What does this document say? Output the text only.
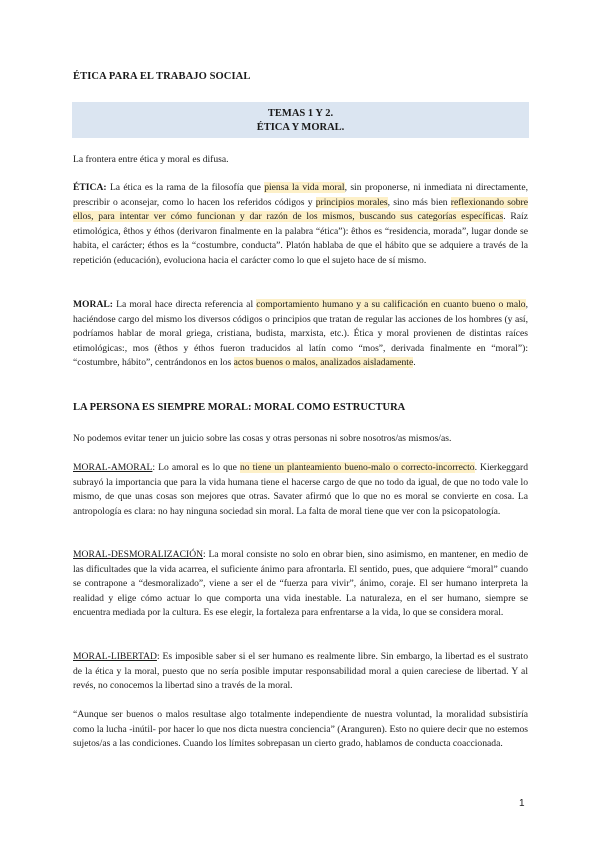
ÉTICA PARA EL TRABAJO SOCIAL
TEMAS 1 Y 2.
ÉTICA Y MORAL.
La frontera entre ética y moral es difusa.
ÉTICA: La ética es la rama de la filosofía que piensa la vida moral, sin proponerse, ni inmediata ni directamente, prescribir o aconsejar, como lo hacen los referidos códigos y principios morales, sino más bien reflexionando sobre ellos, para intentar ver cómo funcionan y dar razón de los mismos, buscando sus categorías específicas. Raíz etimológica, êthos y éthos (derivaron finalmente en la palabra “ética”): êthos es “residencia, morada”, lugar donde se habita, el carácter; éthos es la “costumbre, conducta”. Platón hablaba de que el hábito que se adquiere a través de la repetición (educación), evoluciona hacia el carácter como lo que el sujeto hace de sí mismo.
MORAL: La moral hace directa referencia al comportamiento humano y a su calificación en cuanto bueno o malo, haciéndose cargo del mismo los diversos códigos o principios que tratan de regular las acciones de los hombres (y así, podríamos hablar de moral griega, cristiana, budista, marxista, etc.). Ética y moral provienen de distintas raíces etimológicas:, mos (êthos y éthos fueron traducidos al latín como “mos”, derivada finalmente en “moral”): “costumbre, hábito”, centrándonos en los actos buenos o malos, analizados aisladamente.
LA PERSONA ES SIEMPRE MORAL: MORAL COMO ESTRUCTURA
No podemos evitar tener un juicio sobre las cosas y otras personas ni sobre nosotros/as mismos/as.
MORAL-AMORAL: Lo amoral es lo que no tiene un planteamiento bueno-malo o correcto-incorrecto. Kierkeggard subrayó la importancia que para la vida humana tiene el hacerse cargo de que no todo da igual, de que no todo vale lo mismo, de que unas cosas son mejores que otras. Savater afirmó que lo que no es moral se convierte en cosa. La antropología es clara: no hay ninguna sociedad sin moral. La falta de moral tiene que ver con la psicopatología.
MORAL-DESMORALIZACIÓN: La moral consiste no solo en obrar bien, sino asimismo, en mantener, en medio de las dificultades que la vida acarrea, el suficiente ánimo para afrontarla. El sentido, pues, que adquiere “moral” cuando se contrapone a “desmoralizado”, viene a ser el de “fuerza para vivir”, ánimo, coraje. El ser humano interpreta la realidad y elige cómo actuar lo que comporta una vida inestable. La naturaleza, en el ser humano, siempre se encuentra mediada por la cultura. Es ese elegir, la fortaleza para enfrentarse a la vida, lo que se considera moral.
MORAL-LIBERTAD: Es imposible saber si el ser humano es realmente libre. Sin embargo, la libertad es el sustrato de la ética y la moral, puesto que no sería posible imputar responsabilidad moral a quien careciese de libertad. Y al revés, no conocemos la libertad sino a través de la moral.
“Aunque ser buenos o malos resultase algo totalmente independiente de nuestra voluntad, la moralidad subsistiría como la lucha -inútil- por hacer lo que nos dicta nuestra conciencia” (Aranguren). Esto no quiere decir que no estemos sujetos/as a las condiciones. Cuando los límites sobrepasan un cierto grado, hablamos de conducta coaccionada.
1
